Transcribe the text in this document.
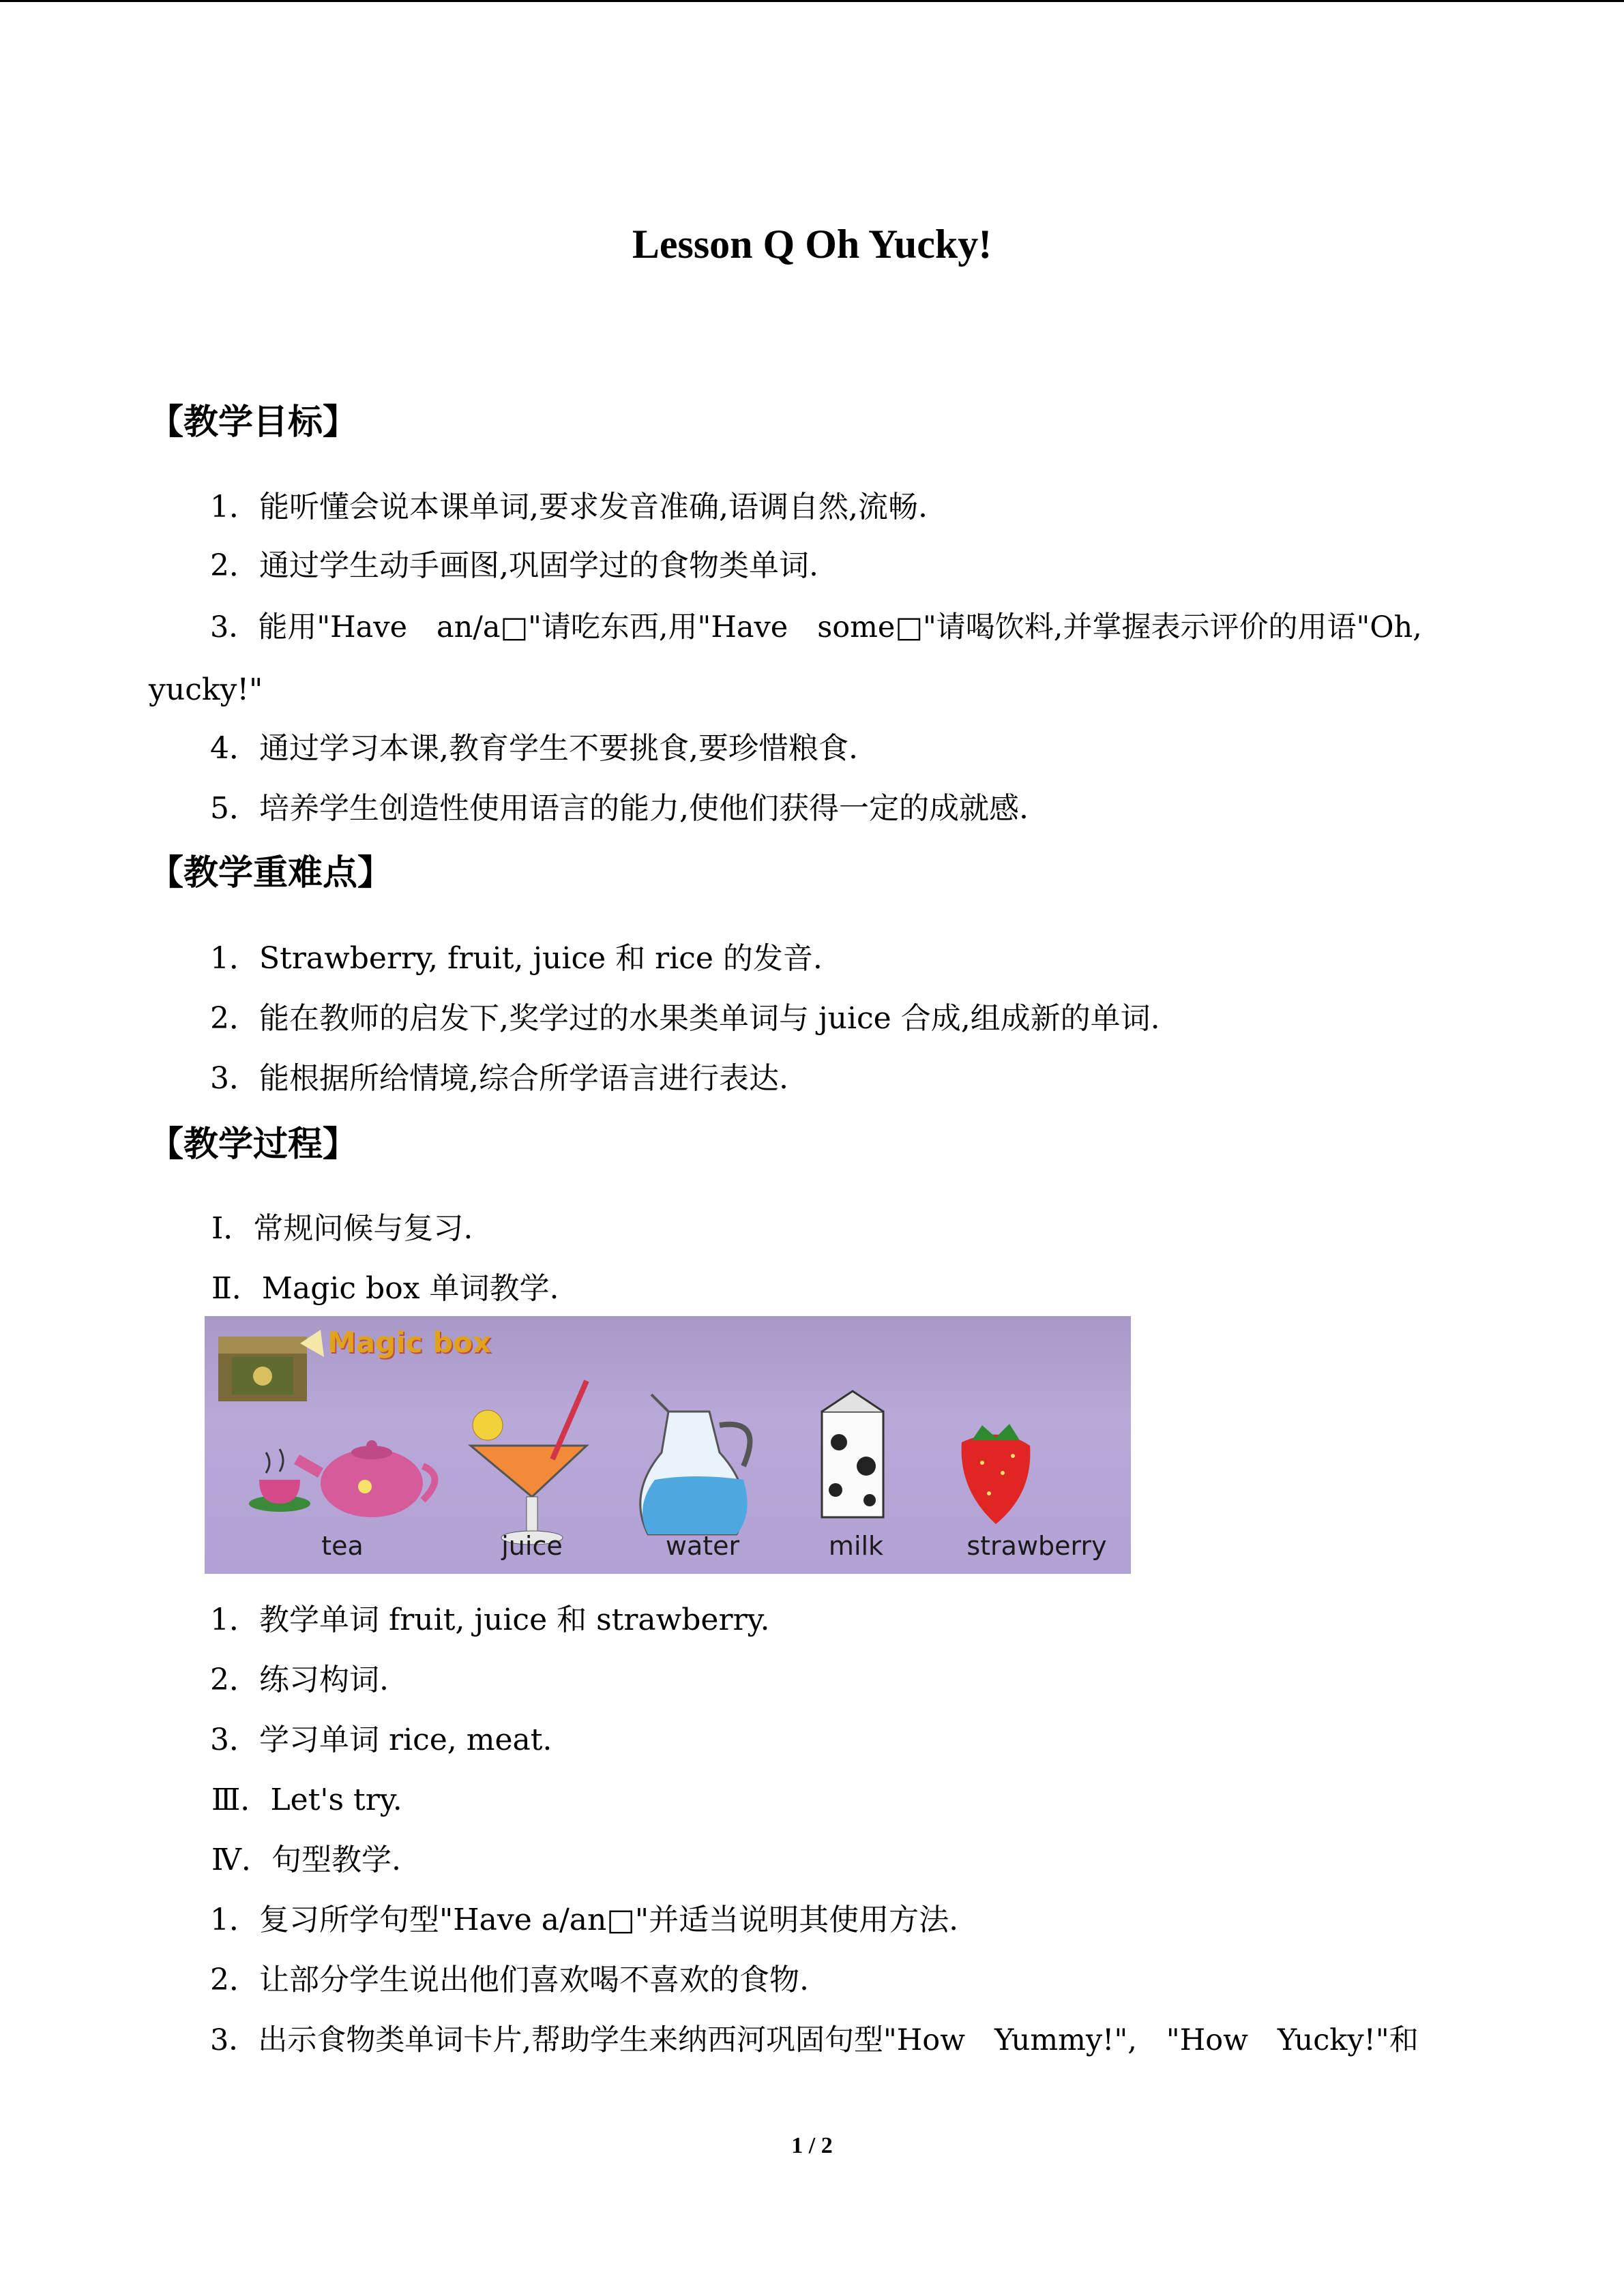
Lesson Q Oh Yucky!
【教学目标】
1．能听懂会说本课单词,要求发音准确,语调自然,流畅.
2．通过学生动手画图,巩固学过的食物类单词.
3．能用"Have　an/a□"请吃东西,用"Have　some□"请喝饮料,并掌握表示评价的用语"Oh,
yucky!"
4．通过学习本课,教育学生不要挑食,要珍惜粮食.
5．培养学生创造性使用语言的能力,使他们获得一定的成就感.
【教学重难点】
1．Strawberry, fruit, juice 和 rice 的发音.
2．能在教师的启发下,奖学过的水果类单词与 juice 合成,组成新的单词.
3．能根据所给情境,综合所学语言进行表达.
【教学过程】
Ⅰ．常规问候与复习.
Ⅱ．Magic box 单词教学.
Magic box
tea	juice	water	milk	strawberry
1．教学单词 fruit, juice 和 strawberry.
2．练习构词.
3．学习单词 rice, meat.
Ⅲ．Let's try.
Ⅳ．句型教学.
1．复习所学句型"Have a/an□"并适当说明其使用方法.
2．让部分学生说出他们喜欢喝不喜欢的食物.
3．出示食物类单词卡片,帮助学生来纳西河巩固句型"How　Yummy!",　"How　Yucky!"和
1 / 2
